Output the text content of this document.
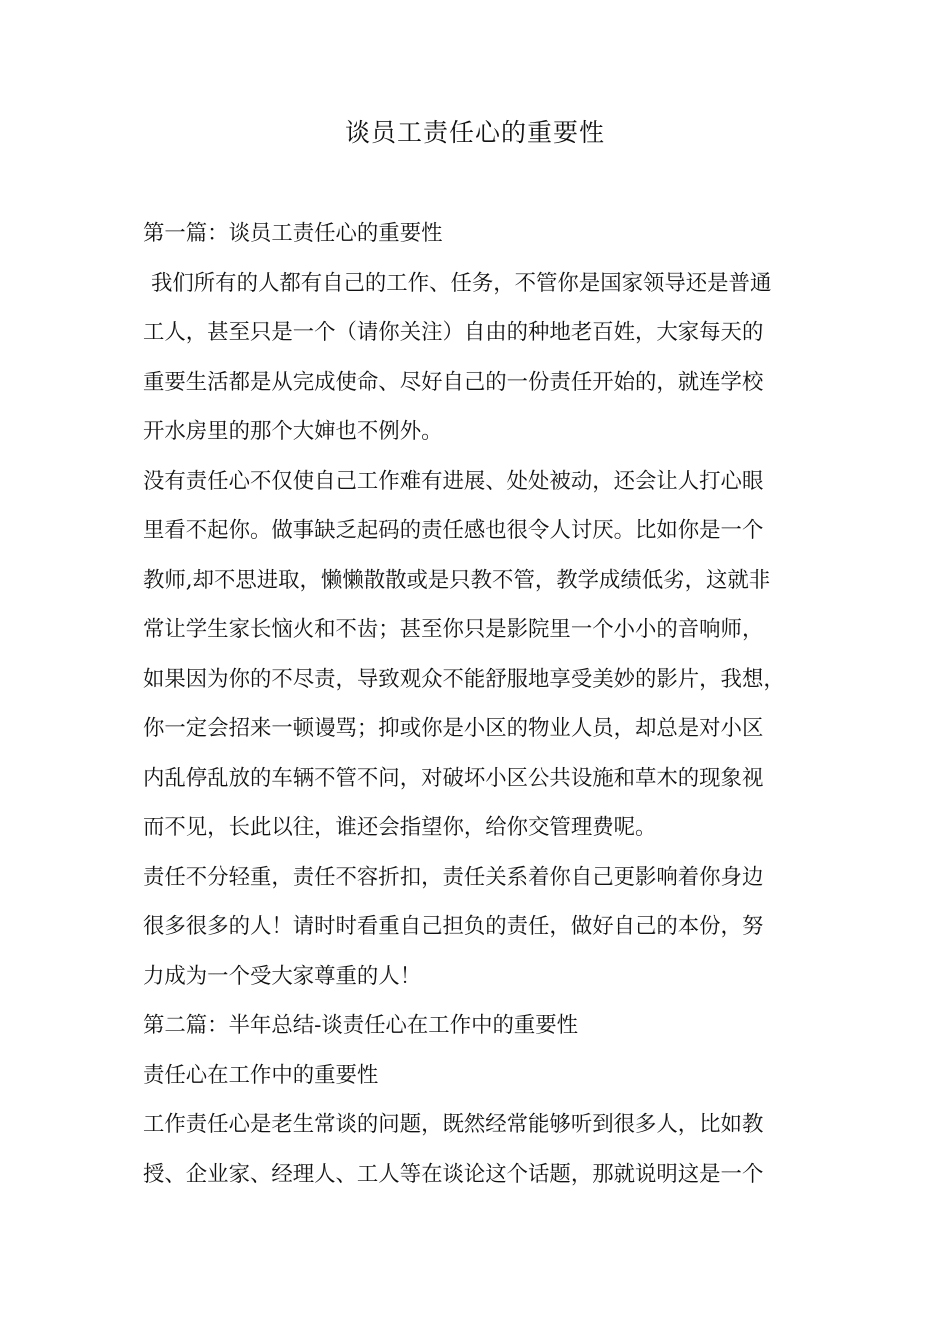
谈员工责任心的重要性
第一篇：谈员工责任心的重要性
我们所有的人都有自己的工作、任务，不管你是国家领导还是普通
工人，甚至只是一个（请你关注）自由的种地老百姓，大家每天的
重要生活都是从完成使命、尽好自己的一份责任开始的，就连学校
开水房里的那个大婶也不例外。
没有责任心不仅使自己工作难有进展、处处被动，还会让人打心眼
里看不起你。做事缺乏起码的责任感也很令人讨厌。比如你是一个
教师,却不思进取，懒懒散散或是只教不管，教学成绩低劣，这就非
常让学生家长恼火和不齿；甚至你只是影院里一个小小的音响师，
如果因为你的不尽责，导致观众不能舒服地享受美妙的影片，我想，
你一定会招来一顿谩骂；抑或你是小区的物业人员，却总是对小区
内乱停乱放的车辆不管不问，对破坏小区公共设施和草木的现象视
而不见，长此以往，谁还会指望你，给你交管理费呢。
责任不分轻重，责任不容折扣，责任关系着你自己更影响着你身边
很多很多的人！请时时看重自己担负的责任，做好自己的本份，努
力成为一个受大家尊重的人！
第二篇：半年总结-谈责任心在工作中的重要性
责任心在工作中的重要性
工作责任心是老生常谈的问题，既然经常能够听到很多人，比如教
授、企业家、经理人、工人等在谈论这个话题，那就说明这是一个
